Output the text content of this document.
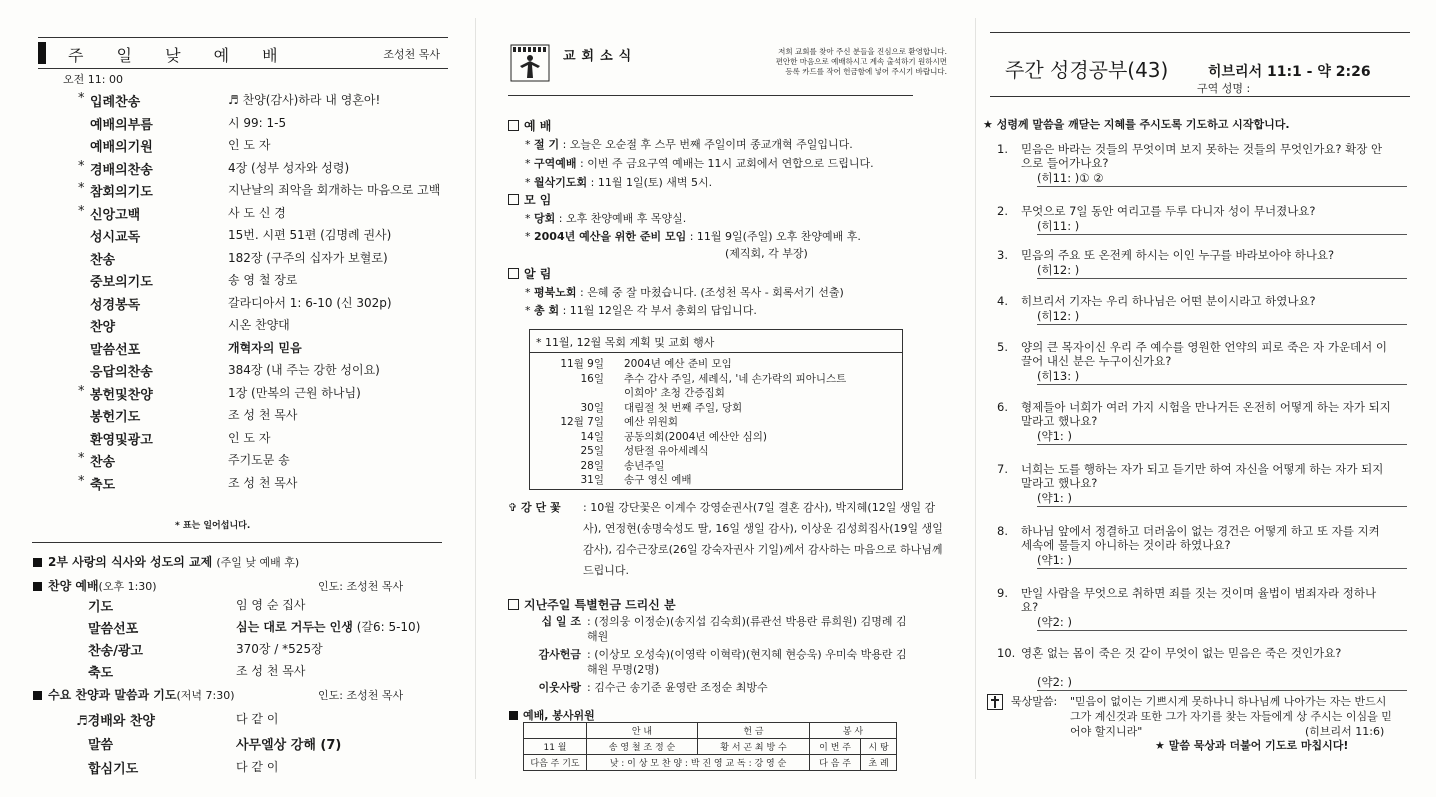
주 일 낮 예 배	조성천 목사
오전 11: 00
* 입례찬송	♬ 찬양(감사)하라 내 영혼아!
예배의부름	시 99: 1-5
예배의기원	인 도 자
* 경배의찬송	4장 (성부 성자와 성령)
* 참회의기도	지난날의 죄악을 회개하는 마음으로 고백
* 신앙고백	사 도 신 경
성시교독	15번. 시편 51편 (김명례 권사)
찬송	182장 (구주의 십자가 보혈로)
중보의기도	송 영 철 장로
성경봉독	갈라디아서 1: 6-10 (신 302p)
찬양	시온 찬양대
말씀선포	개혁자의 믿음
응답의찬송	384장 (내 주는 강한 성이요)
* 봉헌및찬양	1장 (만복의 근원 하나님)
봉헌기도	조 성 천 목사
환영및광고	인 도 자
* 찬송	주기도문 송
* 축도	조 성 천 목사
* 표는 일어섭니다.
2부 사랑의 식사와 성도의 교제 (주일 낮 예배 후)
찬양 예배(오후 1:30)	인도: 조성천 목사
기도	임 영 순 집사
말씀선포	심는 대로 거두는 인생 (갈6: 5-10)
찬송/광고	370장 / *525장
축도	조 성 천 목사
수요 찬양과 말씀과 기도(저녁 7:30)	인도: 조성천 목사
♬경배와 찬양	다 같 이
말씀	사무엘상 강해 (7)
합심기도	다 같 이
교회소식	저희 교회를 찾아 주신 분들을 진심으로 환영합니다.
편안한 마음으로 예배하시고 계속 출석하기 원하시면
등록 카드를 작어 헌금함에 넣어 주시기 바랍니다.
예 배
* 절 기 : 오늘은 오순절 후 스무 번째 주일이며 종교개혁 주일입니다.
* 구역예배 : 이번 주 금요구역 예배는 11시 교회에서 연합으로 드립니다.
* 월삭기도회 : 11월 1일(토) 새벽 5시.
모 임
* 당회 : 오후 찬양예배 후 목양실.
* 2004년 예산을 위한 준비 모임 : 11월 9일(주일) 오후 찬양예배 후.
(제직회, 각 부장)
알 림
* 평북노회 : 은혜 중 잘 마쳤습니다. (조성천 목사 - 회록서기 선출)
* 총 회 : 11월 12일은 각 부서 총회의 답입니다.
* 11월, 12월 목회 계획 및 교회 행사
11월 9일 2004년 예산 준비 모임
16일 추수 감사 주일, 세례식, '네 손가락의 피아니스트
이희아' 초청 간증집회
30일 대림절 첫 번째 주일, 당회
12월 7일 예산 위원회
14일 공동의회(2004년 예산안 심의)
25일 성탄절 유아세례식
28일 송년주일
31일 송구 영신 예배
✞ 강 단 꽃 : 10월 강단꽃은 이계수 강영순권사(7일 결혼 감사), 박지혜(12일 생일 감사), 연정현(송명숙성도 딸, 16일 생일 감사), 이상운 김성희집사(19일 생일감사), 김수근장로(26일 강숙자권사 기일)께서 감사하는 마음으로 하나님께 드립니다.
지난주일 특별헌금 드리신 분
십 일 조 : (정의웅 이정순)(송지섭 김숙희)(류관선 박용란 류희원) 김명례 김해원
감사헌금 : (이상모 오성숙)(이영락 이혁락)(현지혜 현승욱) 우미숙 박용란 김해원 무명(2명)
이웃사랑 : 김수근 송기준 윤영란 조정순 최방수
예배, 봉사위원
	안 내	헌 금	봉 사	
11 월	송 영 철 조 정 순	황 서 곤 최 방 수	이 번 주	시 탕
다음 주 기도	낮 : 이 상 모 찬 양 : 박 진 영 교 독 : 강 영 순		다 음 주	초 례
주간 성경공부(43)	히브리서 11:1 - 약 2:26
구역 성명 :
★ 성령께 말씀을 깨닫는 지혜를 주시도록 기도하고 시작합니다.
1.	믿음은 바라는 것들의 무엇이며 보지 못하는 것들의 무엇인가요? 확장 안으로 들어가나요?
(히11: )① ②
2.	무엇으로 7일 동안 여리고를 두루 다니자 성이 무너졌나요?
(히11: )
3.	믿음의 주요 또 온전케 하시는 이인 누구를 바라보아야 하나요?
(히12: )
4.	히브리서 기자는 우리 하나님은 어떤 분이시라고 하였나요?
(히12: )
5.	양의 큰 목자이신 우리 주 예수를 영원한 언약의 피로 죽은 자 가운데서 이끌어 내신 분은 누구이신가요?
(히13: )
6.	형제들아 너희가 여러 가지 시험을 만나거든 온전히 어떻게 하는 자가 되지 말라고 했나요?
(약1: )
7.	너희는 도를 행하는 자가 되고 듣기만 하여 자신을 어떻게 하는 자가 되지 말라고 했나요?
(약1: )
8.	하나님 앞에서 정결하고 더러움이 없는 경건은 어떻게 하고 또 자를 지켜 세속에 물들지 아니하는 것이라 하였나요?
(약1: )
9.	만일 사람을 무엇으로 취하면 죄를 짓는 것이며 율법이 범죄자라 정하나요?
(약2: )
10. 영혼 없는 몸이 죽은 것 같이 무엇이 없는 믿음은 죽은 것인가요?
(약2: )
묵상말씀: "믿음이 없이는 기쁘시게 못하나니 하나님께 나아가는 자는 반드시 그가 계신것과 또한 그가 자기를 찾는 자들에게 상 주시는 이심을 믿어야 할지니라"	(히브리서 11:6)
★ 말씀 묵상과 더불어 기도로 마칩시다!
